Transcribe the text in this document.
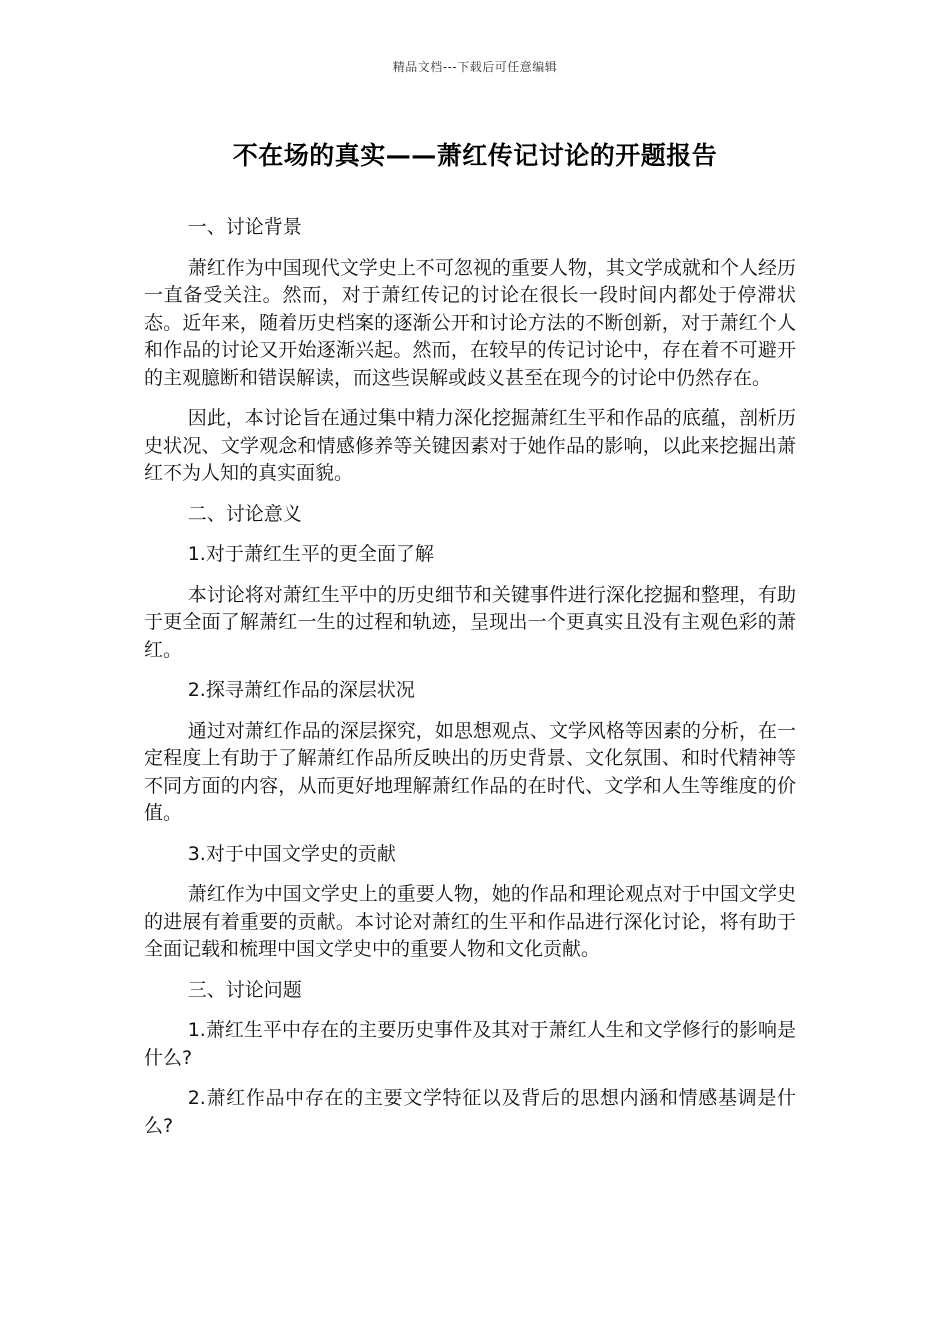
精品文档---下载后可任意编辑
不在场的真实——萧红传记讨论的开题报告

一、讨论背景

萧红作为中国现代文学史上不可忽视的重要人物，其文学成就和个人经历一直备受关注。然而，对于萧红传记的讨论在很长一段时间内都处于停滞状态。近年来，随着历史档案的逐渐公开和讨论方法的不断创新，对于萧红个人和作品的讨论又开始逐渐兴起。然而，在较早的传记讨论中，存在着不可避开的主观臆断和错误解读，而这些误解或歧义甚至在现今的讨论中仍然存在。

因此，本讨论旨在通过集中精力深化挖掘萧红生平和作品的底蕴，剖析历史状况、文学观念和情感修养等关键因素对于她作品的影响，以此来挖掘出萧红不为人知的真实面貌。

二、讨论意义

1.对于萧红生平的更全面了解

本讨论将对萧红生平中的历史细节和关键事件进行深化挖掘和整理，有助于更全面了解萧红一生的过程和轨迹，呈现出一个更真实且没有主观色彩的萧红。

2.探寻萧红作品的深层状况

通过对萧红作品的深层探究，如思想观点、文学风格等因素的分析，在一定程度上有助于了解萧红作品所反映出的历史背景、文化氛围、和时代精神等不同方面的内容，从而更好地理解萧红作品的在时代、文学和人生等维度的价值。

3.对于中国文学史的贡献

萧红作为中国文学史上的重要人物，她的作品和理论观点对于中国文学史的进展有着重要的贡献。本讨论对萧红的生平和作品进行深化讨论，将有助于全面记载和梳理中国文学史中的重要人物和文化贡献。

三、讨论问题

1.萧红生平中存在的主要历史事件及其对于萧红人生和文学修行的影响是什么?

2.萧红作品中存在的主要文学特征以及背后的思想内涵和情感基调是什么?
